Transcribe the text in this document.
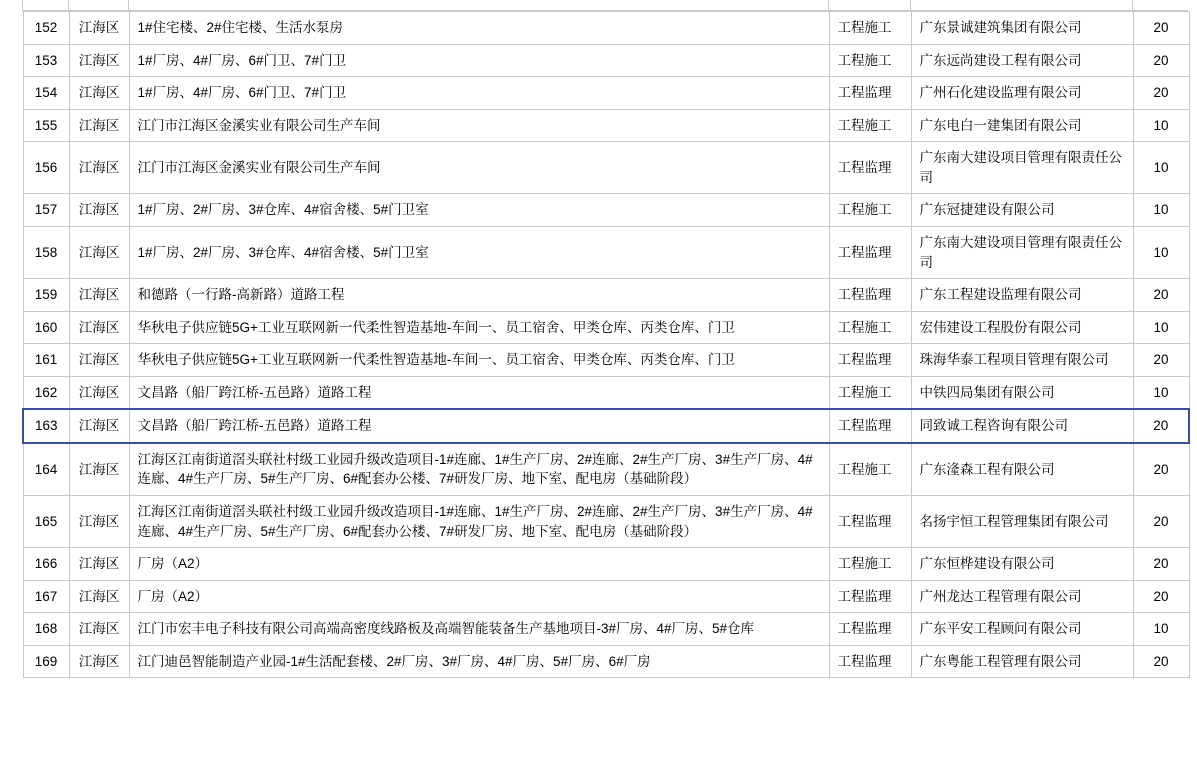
152	江海区	1#住宅楼、2#住宅楼、生活水泵房	工程施工	广东景诚建筑集团有限公司	20
153	江海区	1#厂房、4#厂房、6#门卫、7#门卫	工程施工	广东远尚建设工程有限公司	20
154	江海区	1#厂房、4#厂房、6#门卫、7#门卫	工程监理	广州石化建设监理有限公司	20
155	江海区	江门市江海区金溪实业有限公司生产车间	工程施工	广东电白一建集团有限公司	10
156	江海区	江门市江海区金溪实业有限公司生产车间	工程监理	广东南大建设项目管理有限责任公司	10
157	江海区	1#厂房、2#厂房、3#仓库、4#宿舍楼、5#门卫室	工程施工	广东冠捷建设有限公司	10
158	江海区	1#厂房、2#厂房、3#仓库、4#宿舍楼、5#门卫室	工程监理	广东南大建设项目管理有限责任公司	10
159	江海区	和德路（一行路-高新路）道路工程	工程监理	广东工程建设监理有限公司	20
160	江海区	华秋电子供应链5G+工业互联网新一代柔性智造基地-车间一、员工宿舍、甲类仓库、丙类仓库、门卫	工程施工	宏伟建设工程股份有限公司	10
161	江海区	华秋电子供应链5G+工业互联网新一代柔性智造基地-车间一、员工宿舍、甲类仓库、丙类仓库、门卫	工程监理	珠海华泰工程项目管理有限公司	20
162	江海区	文昌路（船厂跨江桥-五邑路）道路工程	工程施工	中铁四局集团有限公司	10
163	江海区	文昌路（船厂跨江桥-五邑路）道路工程	工程监理	同致诚工程咨询有限公司	20
164	江海区	江海区江南街道滘头联社村级工业园升级改造项目-1#连廊、1#生产厂房、2#连廊、2#生产厂房、3#生产厂房、4#连廊、4#生产厂房、5#生产厂房、6#配套办公楼、7#研发厂房、地下室、配电房（基础阶段）	工程施工	广东湰森工程有限公司	20
165	江海区	江海区江南街道滘头联社村级工业园升级改造项目-1#连廊、1#生产厂房、2#连廊、2#生产厂房、3#生产厂房、4#连廊、4#生产厂房、5#生产厂房、6#配套办公楼、7#研发厂房、地下室、配电房（基础阶段）	工程监理	名扬宇恒工程管理集团有限公司	20
166	江海区	厂房（A2）	工程施工	广东恒桦建设有限公司	20
167	江海区	厂房（A2）	工程监理	广州龙达工程管理有限公司	20
168	江海区	江门市宏丰电子科技有限公司高端高密度线路板及高端智能装备生产基地项目-3#厂房、4#厂房、5#仓库	工程监理	广东平安工程顾问有限公司	10
169	江海区	江门迪邑智能制造产业园-1#生活配套楼、2#厂房、3#厂房、4#厂房、5#厂房、6#厂房	工程监理	广东粤能工程管理有限公司	20
